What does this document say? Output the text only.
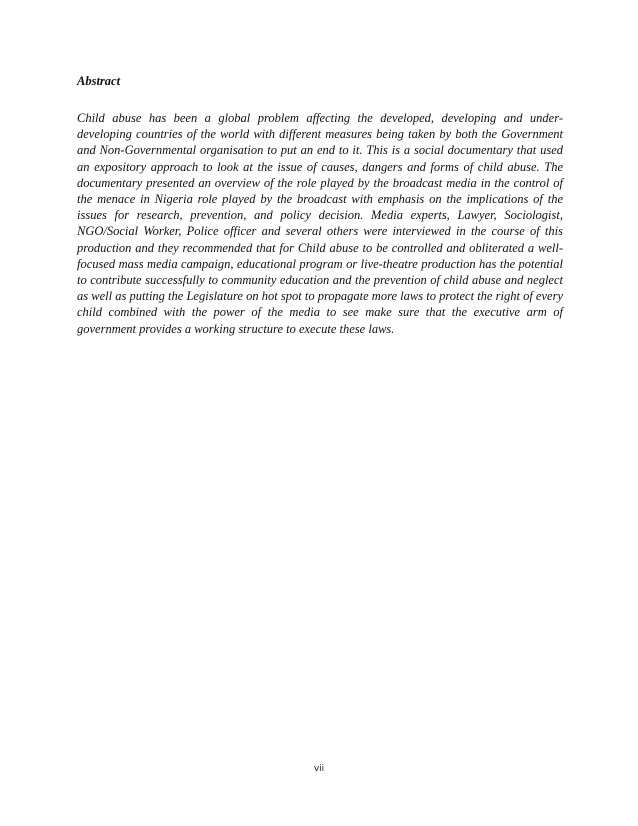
Abstract

Child abuse has been a global problem affecting the developed, developing and under-developing countries of the world with different measures being taken by both the Government and Non-Governmental organisation to put an end to it. This is a social documentary that used an expository approach to look at the issue of causes, dangers and forms of child abuse. The documentary presented an overview of the role played by the broadcast media in the control of the menace in Nigeria role played by the broadcast with emphasis on the implications of the issues for research, prevention, and policy decision. Media experts, Lawyer, Sociologist, NGO/Social Worker, Police officer and several others were interviewed in the course of this production and they recommended that for Child abuse to be controlled and obliterated a well-focused mass media campaign, educational program or live-theatre production has the potential to contribute successfully to community education and the prevention of child abuse and neglect as well as putting the Legislature on hot spot to propagate more laws to protect the right of every child combined with the power of the media to see make sure that the executive arm of government provides a working structure to execute these laws.

vii
